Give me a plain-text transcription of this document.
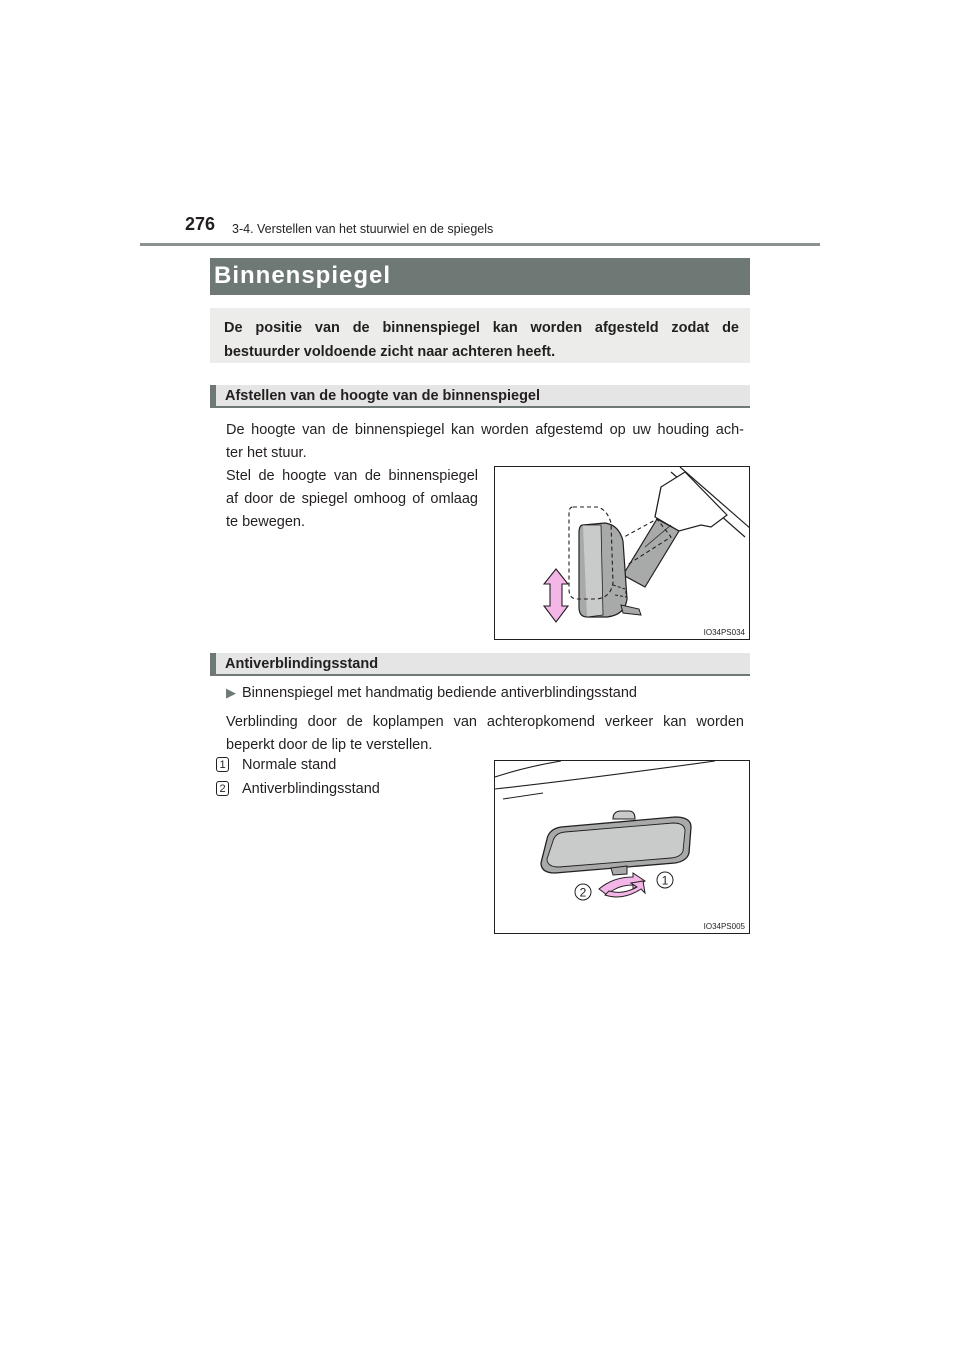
276 3-4. Verstellen van het stuurwiel en de spiegels
Binnenspiegel
De positie van de binnenspiegel kan worden afgesteld zodat de
bestuurder voldoende zicht naar achteren heeft.
Afstellen van de hoogte van de binnenspiegel
De hoogte van de binnenspiegel kan worden afgestemd op uw houding ach-
ter het stuur.
Stel de hoogte van de binnenspiegel
af door de spiegel omhoog of omlaag
te bewegen.
IO34PS034
Antiverblindingsstand
▶ Binnenspiegel met handmatig bediende antiverblindingsstand
Verblinding door de koplampen van achteropkomend verkeer kan worden
beperkt door de lip te verstellen.
1 Normale stand
2 Antiverblindingsstand
1
2
IO34PS005
